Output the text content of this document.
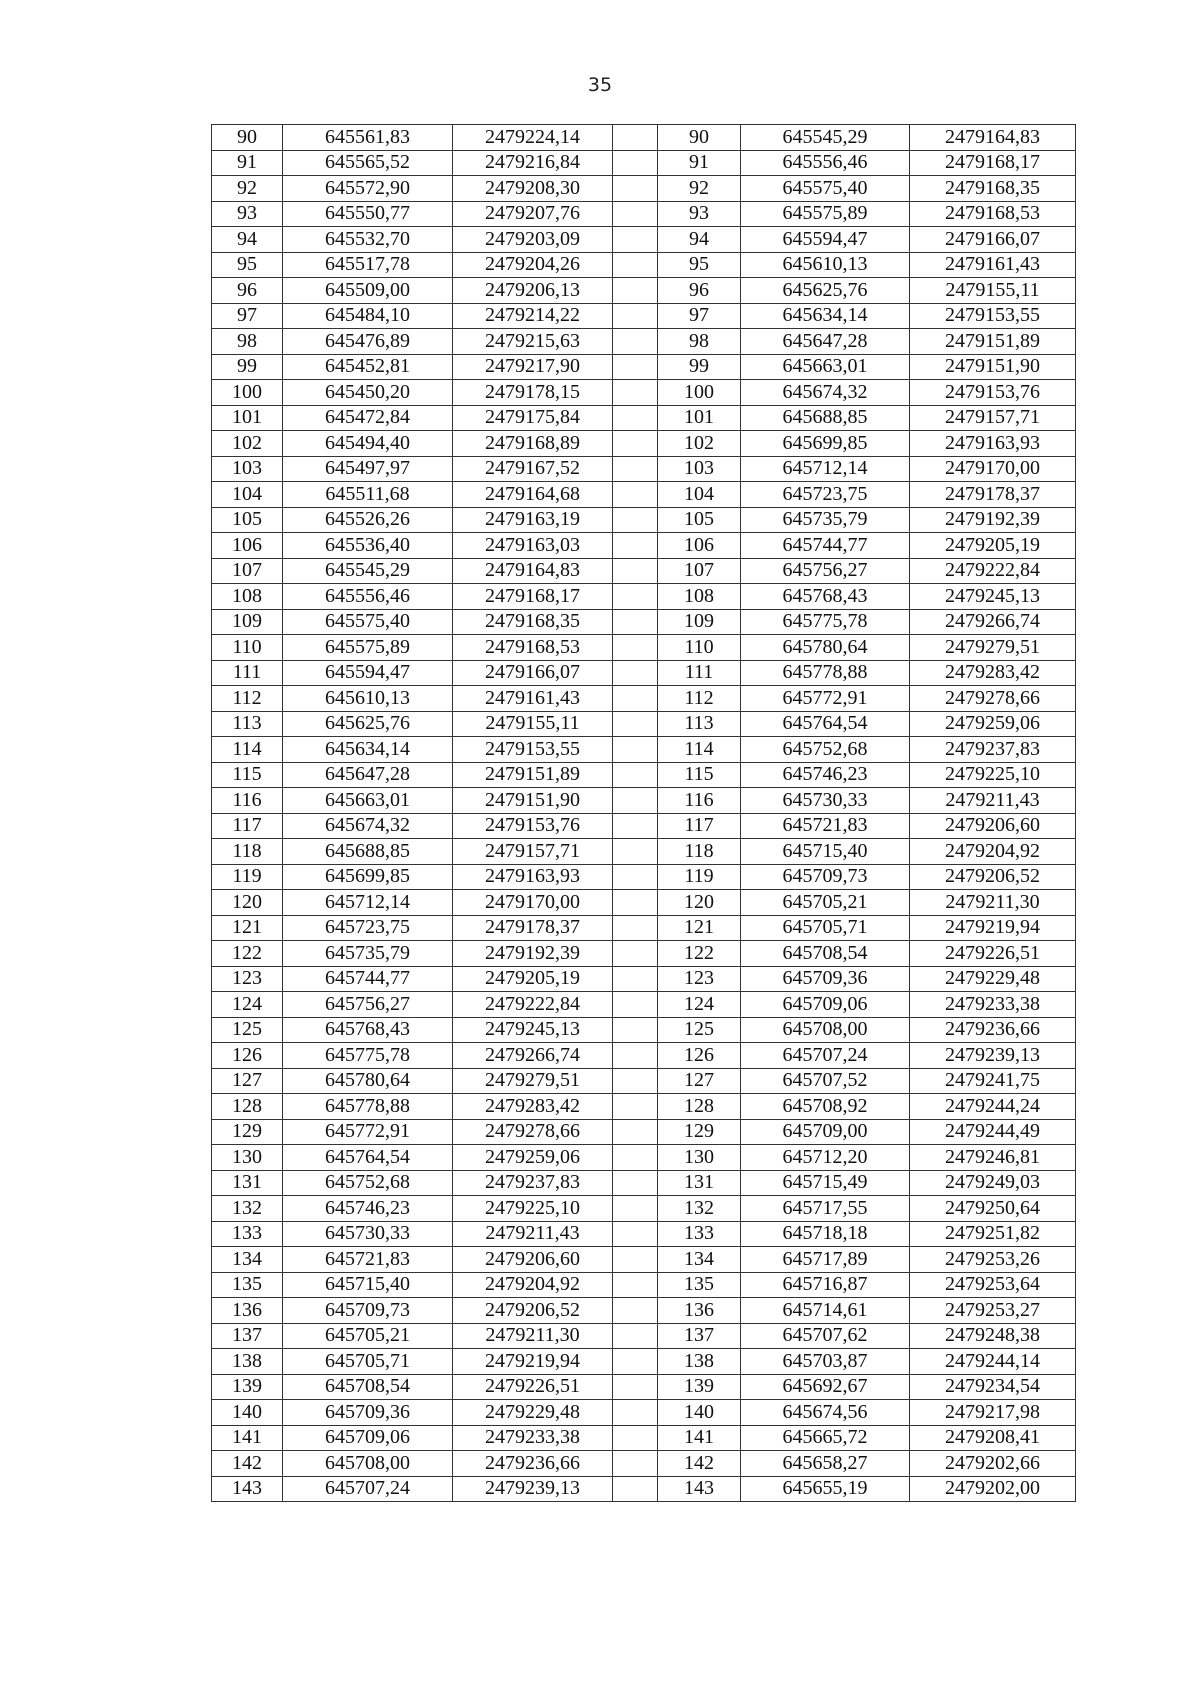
35
90	645561,83	2479224,14		90	645545,29	2479164,83
91	645565,52	2479216,84		91	645556,46	2479168,17
92	645572,90	2479208,30		92	645575,40	2479168,35
93	645550,77	2479207,76		93	645575,89	2479168,53
94	645532,70	2479203,09		94	645594,47	2479166,07
95	645517,78	2479204,26		95	645610,13	2479161,43
96	645509,00	2479206,13		96	645625,76	2479155,11
97	645484,10	2479214,22		97	645634,14	2479153,55
98	645476,89	2479215,63		98	645647,28	2479151,89
99	645452,81	2479217,90		99	645663,01	2479151,90
100	645450,20	2479178,15		100	645674,32	2479153,76
101	645472,84	2479175,84		101	645688,85	2479157,71
102	645494,40	2479168,89		102	645699,85	2479163,93
103	645497,97	2479167,52		103	645712,14	2479170,00
104	645511,68	2479164,68		104	645723,75	2479178,37
105	645526,26	2479163,19		105	645735,79	2479192,39
106	645536,40	2479163,03		106	645744,77	2479205,19
107	645545,29	2479164,83		107	645756,27	2479222,84
108	645556,46	2479168,17		108	645768,43	2479245,13
109	645575,40	2479168,35		109	645775,78	2479266,74
110	645575,89	2479168,53		110	645780,64	2479279,51
111	645594,47	2479166,07		111	645778,88	2479283,42
112	645610,13	2479161,43		112	645772,91	2479278,66
113	645625,76	2479155,11		113	645764,54	2479259,06
114	645634,14	2479153,55		114	645752,68	2479237,83
115	645647,28	2479151,89		115	645746,23	2479225,10
116	645663,01	2479151,90		116	645730,33	2479211,43
117	645674,32	2479153,76		117	645721,83	2479206,60
118	645688,85	2479157,71		118	645715,40	2479204,92
119	645699,85	2479163,93		119	645709,73	2479206,52
120	645712,14	2479170,00		120	645705,21	2479211,30
121	645723,75	2479178,37		121	645705,71	2479219,94
122	645735,79	2479192,39		122	645708,54	2479226,51
123	645744,77	2479205,19		123	645709,36	2479229,48
124	645756,27	2479222,84		124	645709,06	2479233,38
125	645768,43	2479245,13		125	645708,00	2479236,66
126	645775,78	2479266,74		126	645707,24	2479239,13
127	645780,64	2479279,51		127	645707,52	2479241,75
128	645778,88	2479283,42		128	645708,92	2479244,24
129	645772,91	2479278,66		129	645709,00	2479244,49
130	645764,54	2479259,06		130	645712,20	2479246,81
131	645752,68	2479237,83		131	645715,49	2479249,03
132	645746,23	2479225,10		132	645717,55	2479250,64
133	645730,33	2479211,43		133	645718,18	2479251,82
134	645721,83	2479206,60		134	645717,89	2479253,26
135	645715,40	2479204,92		135	645716,87	2479253,64
136	645709,73	2479206,52		136	645714,61	2479253,27
137	645705,21	2479211,30		137	645707,62	2479248,38
138	645705,71	2479219,94		138	645703,87	2479244,14
139	645708,54	2479226,51		139	645692,67	2479234,54
140	645709,36	2479229,48		140	645674,56	2479217,98
141	645709,06	2479233,38		141	645665,72	2479208,41
142	645708,00	2479236,66		142	645658,27	2479202,66
143	645707,24	2479239,13		143	645655,19	2479202,00
